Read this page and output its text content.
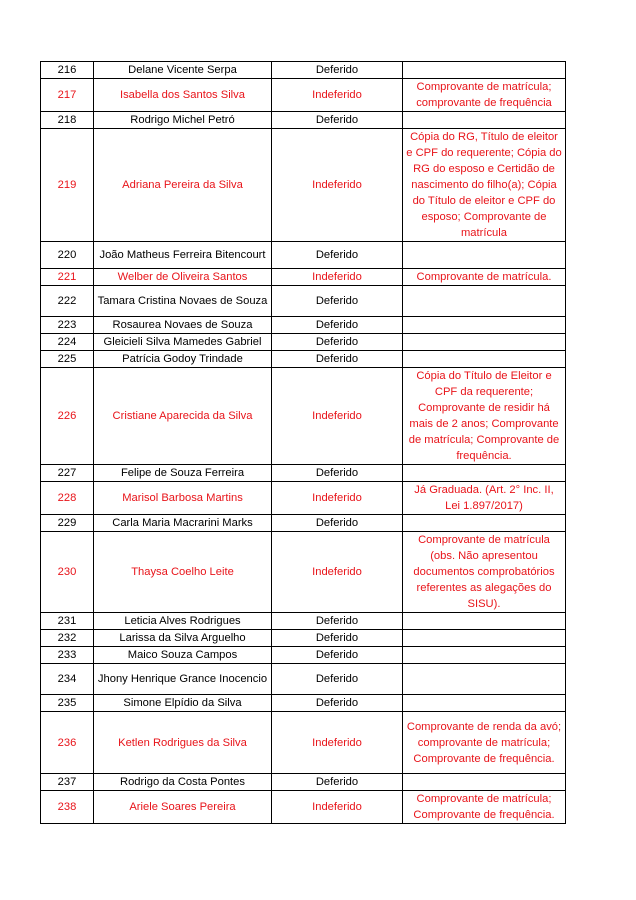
216	Delane Vicente Serpa	Deferido	
217	Isabella dos Santos Silva	Indeferido	Comprovante de matrícula; comprovante de frequência
218	Rodrigo Michel Petró	Deferido	
219	Adriana Pereira da Silva	Indeferido	Cópia do RG, Título de eleitor e CPF do requerente; Cópia do RG do esposo e Certidão de nascimento do filho(a); Cópia do Título de eleitor e CPF do esposo; Comprovante de matrícula
220	João Matheus Ferreira Bitencourt	Deferido	
221	Welber de Oliveira Santos	Indeferido	Comprovante de matrícula.
222	Tamara Cristina Novaes de Souza	Deferido	
223	Rosaurea Novaes de Souza	Deferido	
224	Gleicieli Silva Mamedes Gabriel	Deferido	
225	Patrícia Godoy Trindade	Deferido	
226	Cristiane Aparecida da Silva	Indeferido	Cópia do Título de Eleitor e CPF da requerente; Comprovante de residir há mais de 2 anos; Comprovante de matrícula; Comprovante de frequência.
227	Felipe de Souza Ferreira	Deferido	
228	Marisol Barbosa Martins	Indeferido	Já Graduada. (Art. 2° Inc. II, Lei 1.897/2017)
229	Carla Maria Macrarini Marks	Deferido	
230	Thaysa Coelho Leite	Indeferido	Comprovante de matrícula (obs. Não apresentou documentos comprobatórios referentes as alegações do SISU).
231	Leticia Alves Rodrigues	Deferido	
232	Larissa da Silva Arguelho	Deferido	
233	Maico Souza Campos	Deferido	
234	Jhony Henrique Grance Inocencio	Deferido	
235	Simone Elpídio da Silva	Deferido	
236	Ketlen Rodrigues da Silva	Indeferido	Comprovante de renda da avó; comprovante de matrícula; Comprovante de frequência.
237	Rodrigo da Costa Pontes	Deferido	
238	Ariele Soares Pereira	Indeferido	Comprovante de matrícula; Comprovante de frequência.
